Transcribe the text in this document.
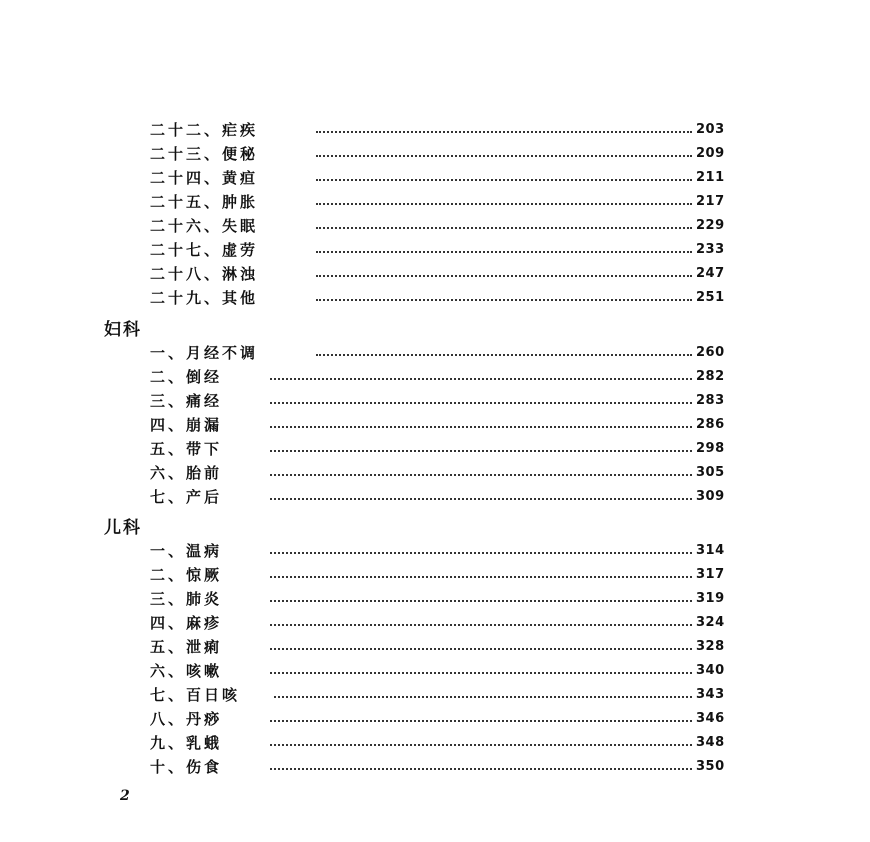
二十二、疟疾	203
二十三、便秘	209
二十四、黄疸	211
二十五、肿胀	217
二十六、失眠	229
二十七、虚劳	233
二十八、淋浊	247
二十九、其他	251
妇科
一、月经不调	260
二、倒经	282
三、痛经	283
四、崩漏	286
五、带下	298
六、胎前	305
七、产后	309
儿科
一、温病	314
二、惊厥	317
三、肺炎	319
四、麻疹	324
五、泄痢	328
六、咳嗽	340
七、百日咳	343
八、丹痧	346
九、乳蛾	348
十、伤食	350
2
